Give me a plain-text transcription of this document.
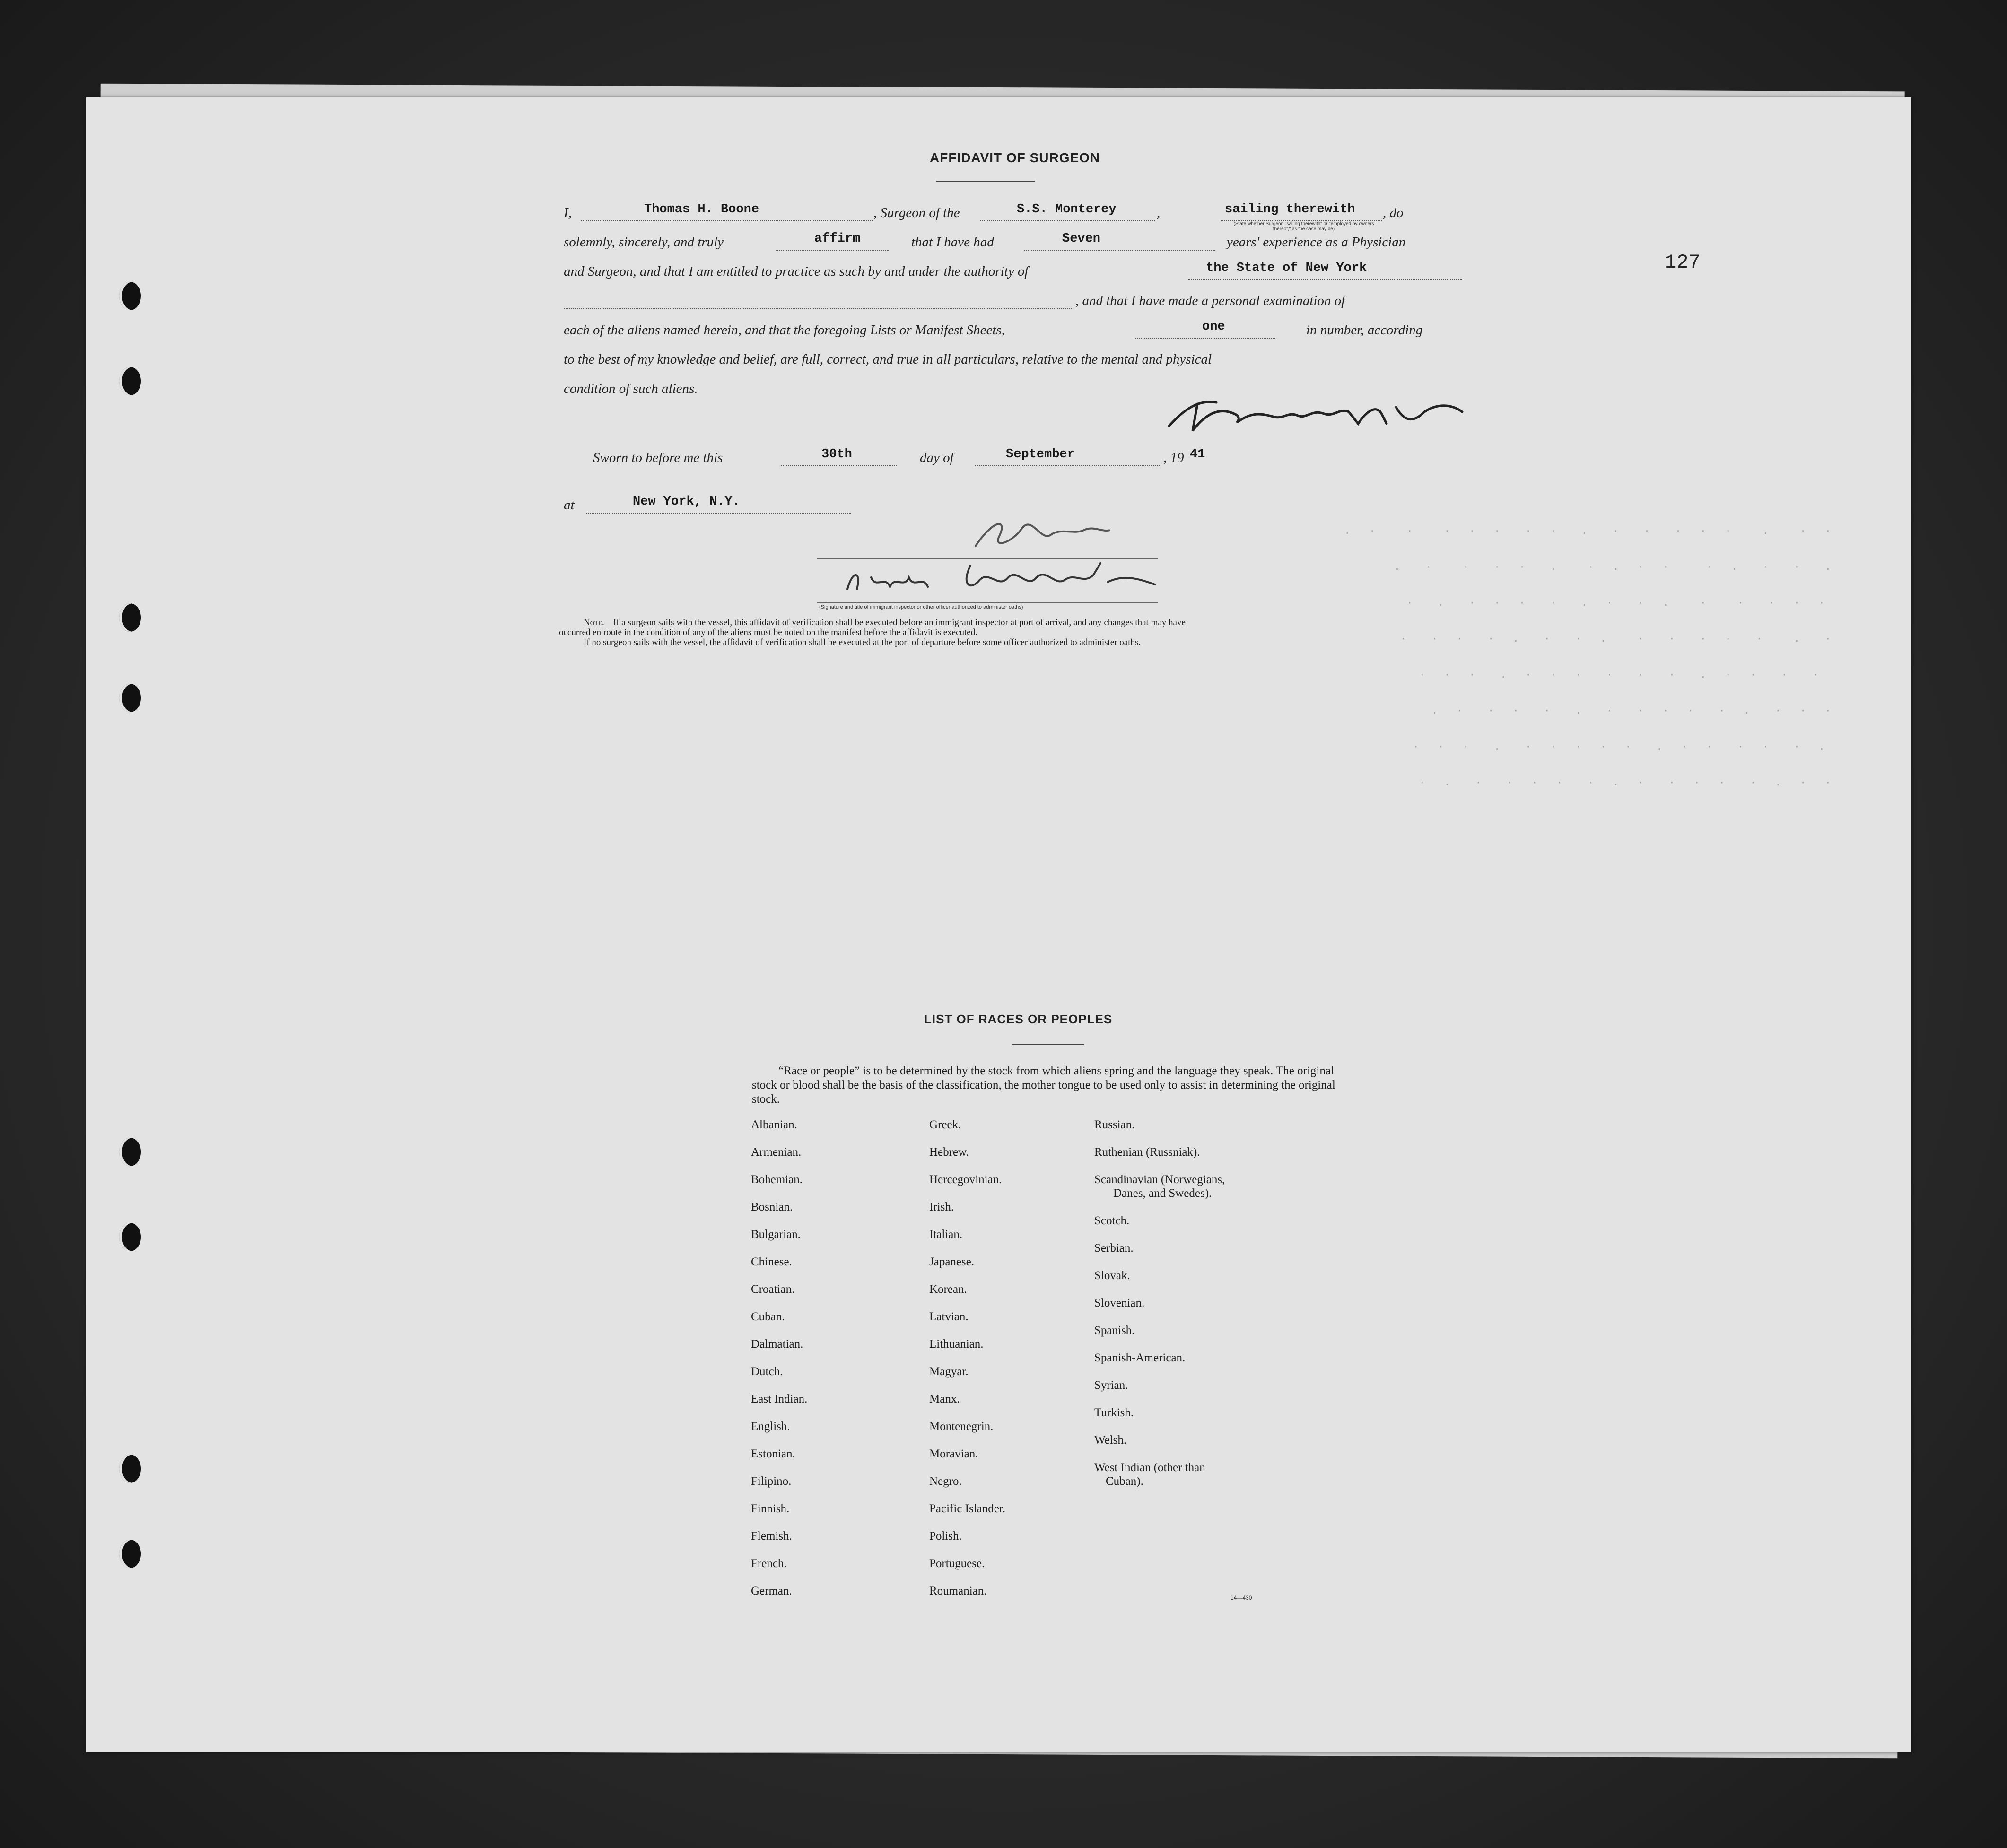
127
AFFIDAVIT OF SURGEON
I,	Thomas H. Boone	, Surgeon of the	S.S. Monterey	,	sailing therewith , do
(State whether Surgeon "sailing therewith" or "employed by owners thereof," as the case may be)
solemnly, sincerely, and truly	affirm	that I have had	Seven	years' experience as a Physician
and Surgeon, and that I am entitled to practice as such by and under the authority of	the State of New York
, and that I have made a personal examination of
each of the aliens named herein, and that the foregoing Lists or Manifest Sheets,	one	in number, according
to the best of my knowledge and belief, are full, correct, and true in all particulars, relative to the mental and physical
condition of such aliens.
Sworn to before me this	30th	day of	September	, 19 41
at	New York, N.Y.
(Signature and title of immigrant inspector or other officer authorized to administer oaths)
Note.—If a surgeon sails with the vessel, this affidavit of verification shall be executed before an immigrant inspector at port of arrival, and any changes that may have
occurred en route in the condition of any of the aliens must be noted on the manifest before the affidavit is executed.
If no surgeon sails with the vessel, the affidavit of verification shall be executed at the port of departure before some officer authorized to administer oaths.
·   ·     .     ·   ·   ·    ·    ·    .    ·   ·    ·   ·   ·     ·     ·   .
.    ·    ·    .   ·      ·   ·   .   ·     .    ·   ·    ·     ·    .
·   ·   ·    ·     ·     .   ·    ·   .    ·    ·   ·   ·    .    ·
·    .     ·    ·   ·    ·    ·     .   ·    ·    .   ·    ·   ·    ·
·    ·    ·   ·   .    ·    ·    ·    ·   ·   ·   .    ·   ·   ·
·   ·   ·    .   ·    ·   ·   ·    ·    .    ·    ·   ·    ·   .
.   ·    ·   ·    ·   ·   .    ·   ·   ·   ·   ·    .    ·   ·   ·
·   ·   .   ·    ·   ·   ·    ·   .   ·    ·   ·   ·    ·    .   ·
LIST OF RACES OR PEOPLES
“Race or people” is to be determined by the stock from which aliens spring and the language they speak. The original stock or blood shall be the basis of the classification, the mother tongue to be used only to assist in determining the original stock.
Albanian.
Armenian.
Bohemian.
Bosnian.
Bulgarian.
Chinese.
Croatian.
Cuban.
Dalmatian.
Dutch.
East Indian.
English.
Estonian.
Filipino.
Finnish.
Flemish.
French.
German.
Greek.
Hebrew.
Hercegovinian.
Irish.
Italian.
Japanese.
Korean.
Latvian.
Lithuanian.
Magyar.
Manx.
Montenegrin.
Moravian.
Negro.
Pacific Islander.
Polish.
Portuguese.
Roumanian.
Russian.
Ruthenian (Russniak).
Scandinavian (Norwegians,
Danes, and Swedes).
Scotch.
Serbian.
Slovak.
Slovenian.
Spanish.
Spanish-American.
Syrian.
Turkish.
Welsh.
West Indian (other than
Cuban).
14—430
